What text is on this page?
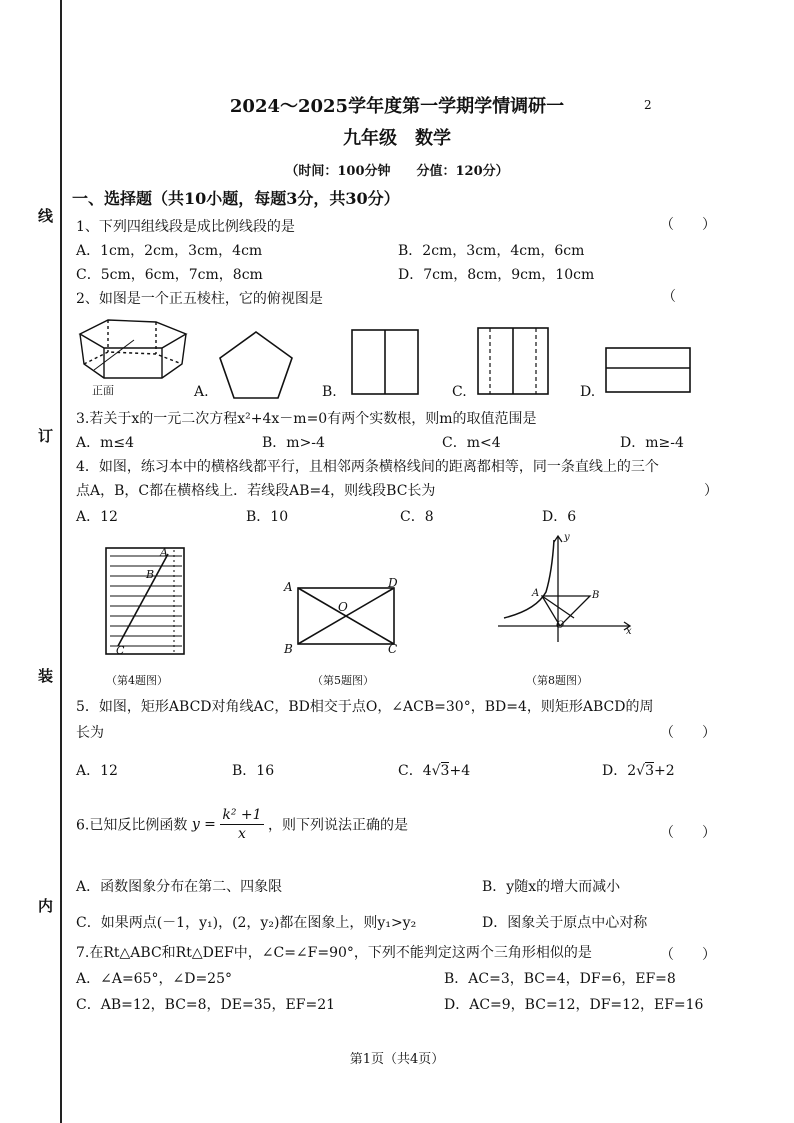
线
订
装
内
2
2024～2025学年度第一学期学情调研一
九年级　数学
（时间：100分钟　　分值：120分）
一、选择题（共10小题，每题3分，共30分）
1、下列四组线段是成比例线段的是	（　　）
A．1cm，2cm，3cm，4cm	B．2cm，3cm，4cm，6cm
C．5cm，6cm，7cm，8cm	D．7cm，8cm，9cm，10cm
2、如图是一个正五棱柱，它的俯视图是	（
正面	A.	B.	C.	D.
3.若关于x的一元二次方程x²+4x－m=0有两个实数根，则m的取值范围是
A．m≤4	B．m>-4	C．m<4	D．m≥-4
4．如图，练习本中的横格线都平行，且相邻两条横格线间的距离都相等，同一条直线上的三个
点A，B，C都在横格线上．若线段AB=4，则线段BC长为	）
A．12	B．10	C．8	D．6
A
B
C
（第4题图）
A	D
O
B	C
（第5题图）
y
x
A	B
O
（第8题图）
5．如图，矩形ABCD对角线AC，BD相交于点O，∠ACB=30°，BD=4，则矩形ABCD的周
长为	（　　）
A．12	B．16	C．4√3+4	D．2√3+2
6.已知反比例函数 $y = \frac{\text{k² +1}}{x}$ ，则下列说法正确的是	（　　）
A．函数图象分布在第二、四象限	B．y随x的增大而减小
C．如果两点(－1，y₁)，(2，y₂)都在图象上，则y₁>y₂	D．图象关于原点中心对称
7.在Rt△ABC和Rt△DEF中，∠C=∠F=90°，下列不能判定这两个三角形相似的是	（　　）
A．∠A=65°，∠D=25°	B．AC=3，BC=4，DF=6，EF=8
C．AB=12，BC=8，DE=35，EF=21	D．AC=9，BC=12，DF=12，EF=16
第1页（共4页）
